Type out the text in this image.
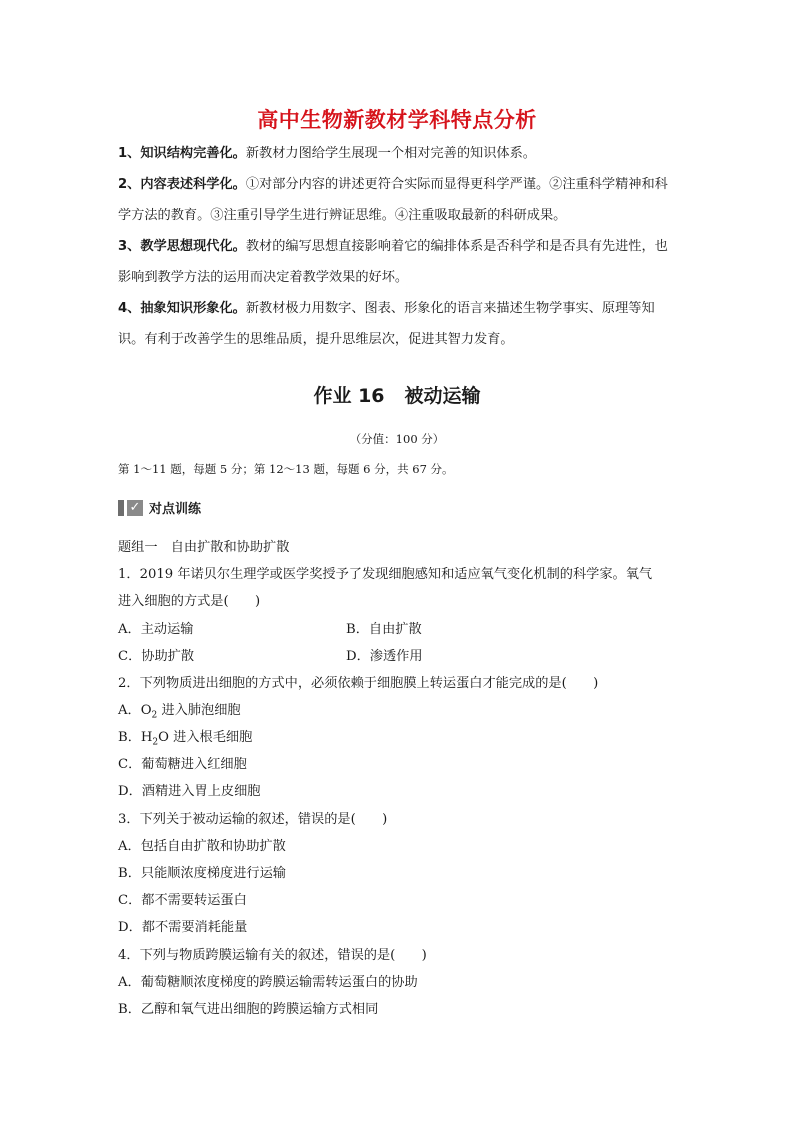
高中生物新教材学科特点分析
1、知识结构完善化。新教材力图给学生展现一个相对完善的知识体系。
2、内容表述科学化。①对部分内容的讲述更符合实际而显得更科学严谨。②注重科学精神和科学方法的教育。③注重引导学生进行辨证思维。④注重吸取最新的科研成果。
3、教学思想现代化。教材的编写思想直接影响着它的编排体系是否科学和是否具有先进性，也影响到教学方法的运用而决定着教学效果的好坏。
4、抽象知识形象化。新教材极力用数字、图表、形象化的语言来描述生物学事实、原理等知识。有利于改善学生的思维品质，提升思维层次，促进其智力发育。
作业 16 被动运输
（分值：100 分）
第 1～11 题，每题 5 分；第 12～13 题，每题 6 分，共 67 分。
✓ 对点训练
题组一　自由扩散和协助扩散
1．2019 年诺贝尔生理学或医学奖授予了发现细胞感知和适应氧气变化机制的科学家。氧气
进入细胞的方式是(　　)
A．主动运输	B．自由扩散
C．协助扩散	D．渗透作用
2．下列物质进出细胞的方式中，必须依赖于细胞膜上转运蛋白才能完成的是(　　)
A．$O_2$ 进入肺泡细胞
B．$H_2O$ 进入根毛细胞
C．葡萄糖进入红细胞
D．酒精进入胃上皮细胞
3．下列关于被动运输的叙述，错误的是(　　)
A．包括自由扩散和协助扩散
B．只能顺浓度梯度进行运输
C．都不需要转运蛋白
D．都不需要消耗能量
4．下列与物质跨膜运输有关的叙述，错误的是(　　)
A．葡萄糖顺浓度梯度的跨膜运输需转运蛋白的协助
B．乙醇和氧气进出细胞的跨膜运输方式相同
